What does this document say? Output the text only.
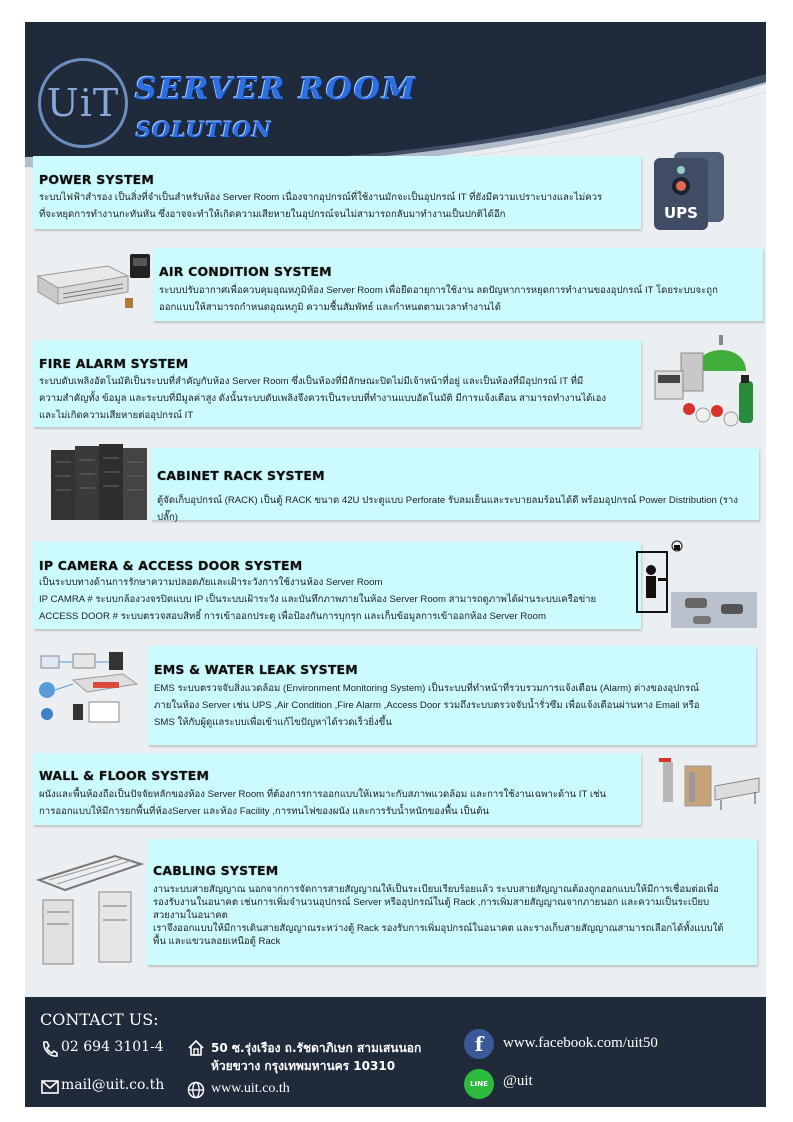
UiT SERVER ROOM
SOLUTION
POWER SYSTEM

ระบบไฟฟ้าสำรอง เป็นสิ่งที่จำเป็นสำหรับห้อง Server Room เนื่องจากอุปกรณ์ที่ใช้งานมักจะเป็นอุปกรณ์ IT ที่ยังมีความเปราะบางและไม่ควร

ที่จะหยุดการทำงานกะทันหัน ซึ่งอาจจะทำให้เกิดความเสียหายในอุปกรณ์จนไม่สามารถกลับมาทำงานเป็นปกติได้อีก	UPS
AIR CONDITION SYSTEM

ระบบปรับอากาศเพื่อควบคุมอุณหภูมิห้อง Server Room เพื่อยืดอายุการใช้งาน ลดปัญหาการหยุดการทำงานของอุปกรณ์ IT โดยระบบจะถูก

ออกแบบให้สามารถกำหนดอุณหภูมิ ความชื้นสัมพัทธ์ และกำหนดตามเวลาทำงานได้

FIRE ALARM SYSTEM

ระบบดับเพลิงอัตโนมัติเป็นระบบที่สำคัญกับห้อง Server Room ซึ่งเป็นห้องที่มีลักษณะปิดไม่มีเจ้าหน้าที่อยู่ และเป็นห้องที่มีอุปกรณ์ IT ที่มี

ความสำคัญทั้ง ข้อมูล และระบบที่มีมูลค่าสูง ดังนั้นระบบดับเพลิงจึงควรเป็นระบบที่ทำงานแบบอัตโนมัติ มีการแจ้งเตือน สามารถทำงานได้เอง

และไม่เกิดความเสียหายต่ออุปกรณ์ IT

CABINET RACK SYSTEM

ตู้จัดเก็บอุปกรณ์ (RACK) เป็นตู้ RACK ขนาด 42U ประตูแบบ Perforate รับลมเย็นและระบายลมร้อนได้ดี พร้อมอุปกรณ์ Power Distribution (รางปลั๊ก)

IP CAMERA & ACCESS DOOR SYSTEM

เป็นระบบทางด้านการรักษาความปลอดภัยและเฝ้าระวังการใช้งานห้อง Server Room

IP CAMRA # ระบบกล้องวงจรปิดแบบ IP เป็นระบบเฝ้าระวัง และบันทึกภาพภายในห้อง Server Room สามารถดูภาพได้ผ่านระบบเครือข่าย

ACCESS DOOR # ระบบตรวจสอบสิทธิ์ การเข้าออกประตู เพื่อป้องกันการบุกรุก และเก็บข้อมูลการเข้าออกห้อง Server Room

EMS & WATER LEAK SYSTEM

EMS ระบบตรวจจับสิ่งแวดล้อม (Environment Monitoring System) เป็นระบบที่ทำหน้าที่รวบรวมการแจ้งเตือน (Alarm) ต่างของอุปกรณ์

ภายในห้อง Server เช่น UPS ,Air Condition ,Fire Alarm ,Access Door รวมถึงระบบตรวจจับน้ำรั่วซึม เพื่อแจ้งเตือนผ่านทาง Email หรือ

SMS ให้กับผู้ดูแลระบบเพื่อเข้าแก้ไขปัญหาได้รวดเร็วยิ่งขึ้น

WALL & FLOOR SYSTEM

ผนังและพื้นห้องถือเป็นปัจจัยหลักของห้อง Server Room ที่ต้องการการออกแบบให้เหมาะกับสภาพแวดล้อม และการใช้งานเฉพาะด้าน IT เช่น

การออกแบบให้มีการยกพื้นที่ห้องServer และห้อง Facility ,การทนไฟของผนัง และการรับน้ำหนักของพื้น เป็นต้น

CABLING SYSTEM

งานระบบสายสัญญาณ นอกจากการจัดการสายสัญญาณให้เป็นระเบียบเรียบร้อยแล้ว ระบบสายสัญญาณต้องถูกออกแบบให้มีการเชื่อมต่อเพื่อ

รองรับงานในอนาคต เช่นการเพิ่มจำนวนอุปกรณ์ Server หรืออุปกรณ์ในตู้ Rack ,การเพิ่มสายสัญญาณจากภายนอก และความเป็นระเบียบ

สวยงามในอนาคต

เราจึงออกแบบให้มีการเดินสายสัญญาณระหว่างตู้ Rack รองรับการเพิ่มอุปกรณ์ในอนาคต และรางเก็บสายสัญญาณสามารถเลือกได้ทั้งแบบใต้

พื้น และแขวนลอยเหนือตู้ Rack

CONTACT US:
02 694 3101-4
mail@uit.co.th
50 ซ.รุ่งเรือง ถ.รัชดาภิเษก สามเสนนอก
ห้วยขวาง กรุงเทพมหานคร 10310
www.uit.co.th
f www.facebook.com/uit50
LINE @uit
